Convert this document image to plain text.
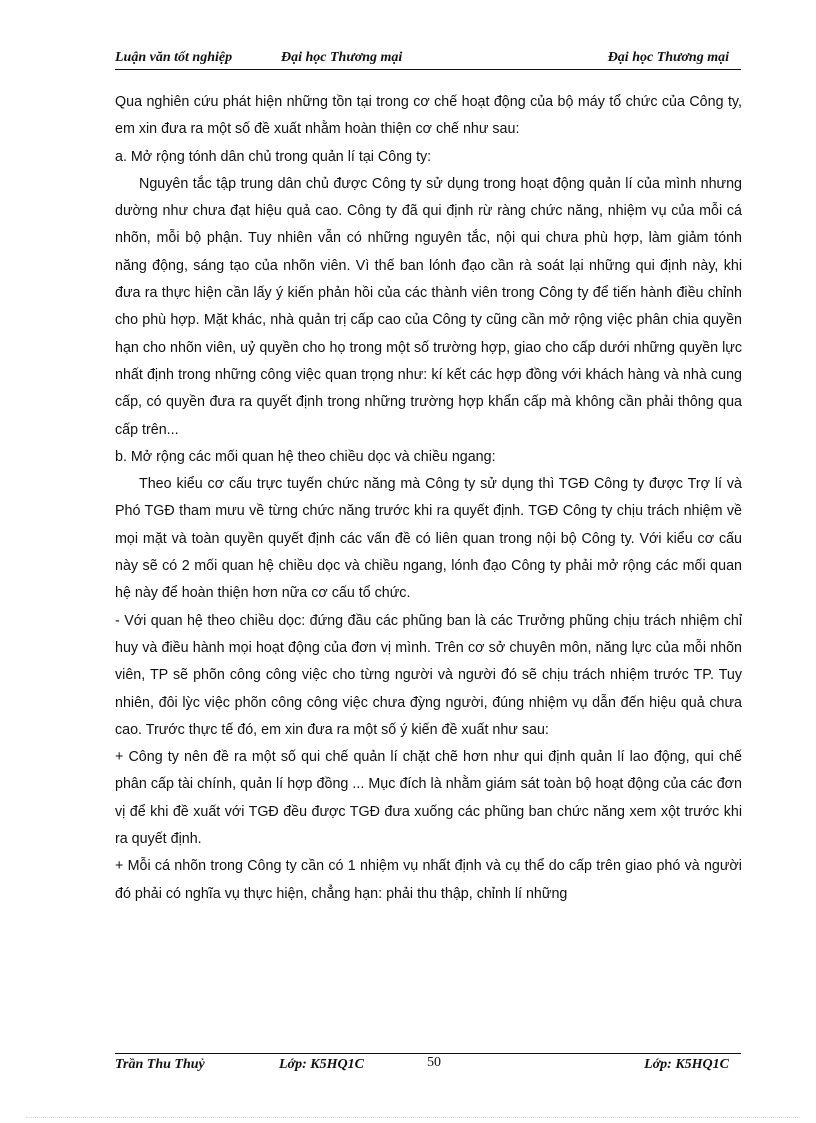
Luận văn tốt nghiệp	Đại học Thương mại	Đại học Thương mại

Qua nghiên cứu phát hiện những tồn tại trong cơ chế hoạt động của bộ máy tổ chức của Công ty, em xin đưa ra một số đề xuất nhằm hoàn thiện cơ chế như sau:

a. Mở rộng tónh dân chủ trong quản lí tại Công ty:

Nguyên tắc tập trung dân chủ được Công ty sử dụng trong hoạt động quản lí của mình nhưng dường như chưa đạt hiệu quả cao. Công ty đã qui định rừ ràng chức năng, nhiệm vụ của mỗi cá nhõn, mỗi bộ phận. Tuy nhiên vẫn có những nguyên tắc, nội qui chưa phù hợp, làm giảm tónh năng động, sáng tạo của nhõn viên. Vì thế ban lónh đạo cần rà soát lại những qui định này, khi đưa ra thực hiện cần lấy ý kiến phản hồi của các thành viên trong Công ty để tiến hành điều chỉnh cho phù hợp. Mặt khác, nhà quản trị cấp cao của Công ty cũng cần mở rộng việc phân chia quyền hạn cho nhõn viên, uỷ quyền cho họ trong một số trường hợp, giao cho cấp dưới những quyền lực nhất định trong những công việc quan trọng như: kí kết các hợp đồng với khách hàng và nhà cung cấp, có quyền đưa ra quyết định trong những trường hợp khẩn cấp mà không cần phải thông qua cấp trên...

b. Mở rộng các mối quan hệ theo chiều dọc và chiều ngang:

Theo kiểu cơ cấu trực tuyến chức năng mà Công ty sử dụng thì TGĐ Công ty được Trợ lí và Phó TGĐ tham mưu về từng chức năng trước khi ra quyết định. TGĐ Công ty chịu trách nhiệm về mọi mặt và toàn quyền quyết định các vấn đề có liên quan trong nội bộ Công ty. Với kiểu cơ cấu này sẽ có 2 mối quan hệ chiều dọc và chiều ngang, lónh đạo Công ty phải mở rộng các mối quan hệ này để hoàn thiện hơn nữa cơ cấu tổ chức.

- Với quan hệ theo chiều dọc: đứng đầu các phũng ban là các Trưởng phũng chịu trách nhiệm chỉ huy và điều hành mọi hoạt động của đơn vị mình. Trên cơ sở chuyên môn, năng lực của mỗi nhõn viên, TP sẽ phõn công công việc cho từng người và người đó sẽ chịu trách nhiệm trước TP. Tuy nhiên, đôi lỳc việc phõn công công việc chưa đỳng người, đúng nhiệm vụ dẫn đến hiệu quả chưa cao. Trước thực tế đó, em xin đưa ra một số ý kiến đề xuất như sau:

+ Công ty nên đề ra một số qui chế quản lí chặt chẽ hơn như qui định quản lí lao động, qui chế phân cấp tài chính, quản lí hợp đồng ... Mục đích là nhằm giám sát toàn bộ hoạt động của các đơn vị để khi đề xuất với TGĐ đều được TGĐ đưa xuống các phũng ban chức năng xem xột trước khi ra quyết định.

+ Mỗi cá nhõn trong Công ty cần có 1 nhiệm vụ nhất định và cụ thể do cấp trên giao phó và người đó phải có nghĩa vụ thực hiện, chẳng hạn: phải thu thập, chỉnh lí những

Trần Thu Thuỷ	Lớp: K5HQ1C	50	Lớp: K5HQ1C
